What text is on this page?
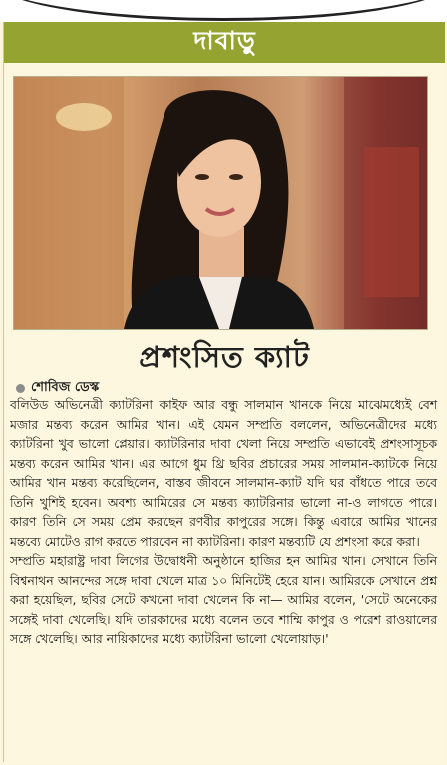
দাবাড়ু
প্রশংসিত ক্যাট
শোবিজ ডেস্ক

বলিউড অভিনেত্রী ক্যাটরিনা কাইফ আর বন্ধু সালমান খানকে নিয়ে মাঝেমধ্যেই বেশ মজার মন্তব্য করেন আমির খান। এই যেমন সম্প্রতি বললেন, অভিনেত্রীদের মধ্যে ক্যাটরিনা খুব ভালো প্লেয়ার। ক্যাটরিনার দাবা খেলা নিয়ে সম্প্রতি এভাবেই প্রশংসাসূচক মন্তব্য করেন আমির খান। এর আগে ধুম থ্রি ছবির প্রচারের সময় সালমান-ক্যাটকে নিয়ে আমির খান মন্তব্য করেছিলেন, বাস্তব জীবনে সালমান-ক্যাট যদি ঘর বাঁধতে পারে তবে তিনি খুশিই হবেন। অবশ্য আমিরের সে মন্তব্য ক্যাটরিনার ভালো না-ও লাগতে পারে। কারণ তিনি সে সময় প্রেম করছেন রণবীর কাপুরের সঙ্গে। কিন্তু এবারে আমির খানের মন্তব্যে মোটেও রাগ করতে পারবেন না ক্যাটরিনা। কারণ মন্তব্যটি যে প্রশংসা করে করা।

সম্প্রতি মহারাষ্ট্র দাবা লিগের উদ্বোধনী অনুষ্ঠানে হাজির হন আমির খান। সেখানে তিনি বিশ্বনাথন আনন্দের সঙ্গে দাবা খেলে মাত্র ১০ মিনিটেই হেরে যান। আমিরকে সেখানে প্রশ্ন করা হয়েছিল, ছবির সেটে কখনো দাবা খেলেন কি না— আমির বলেন, 'সেটে অনেকের সঙ্গেই দাবা খেলেছি। যদি তারকাদের মধ্যে বলেন তবে শাম্মি কাপুর ও পরেশ রাওয়ালের সঙ্গে খেলেছি। আর নায়িকাদের মধ্যে ক্যাটরিনা ভালো খেলোয়াড়।'
